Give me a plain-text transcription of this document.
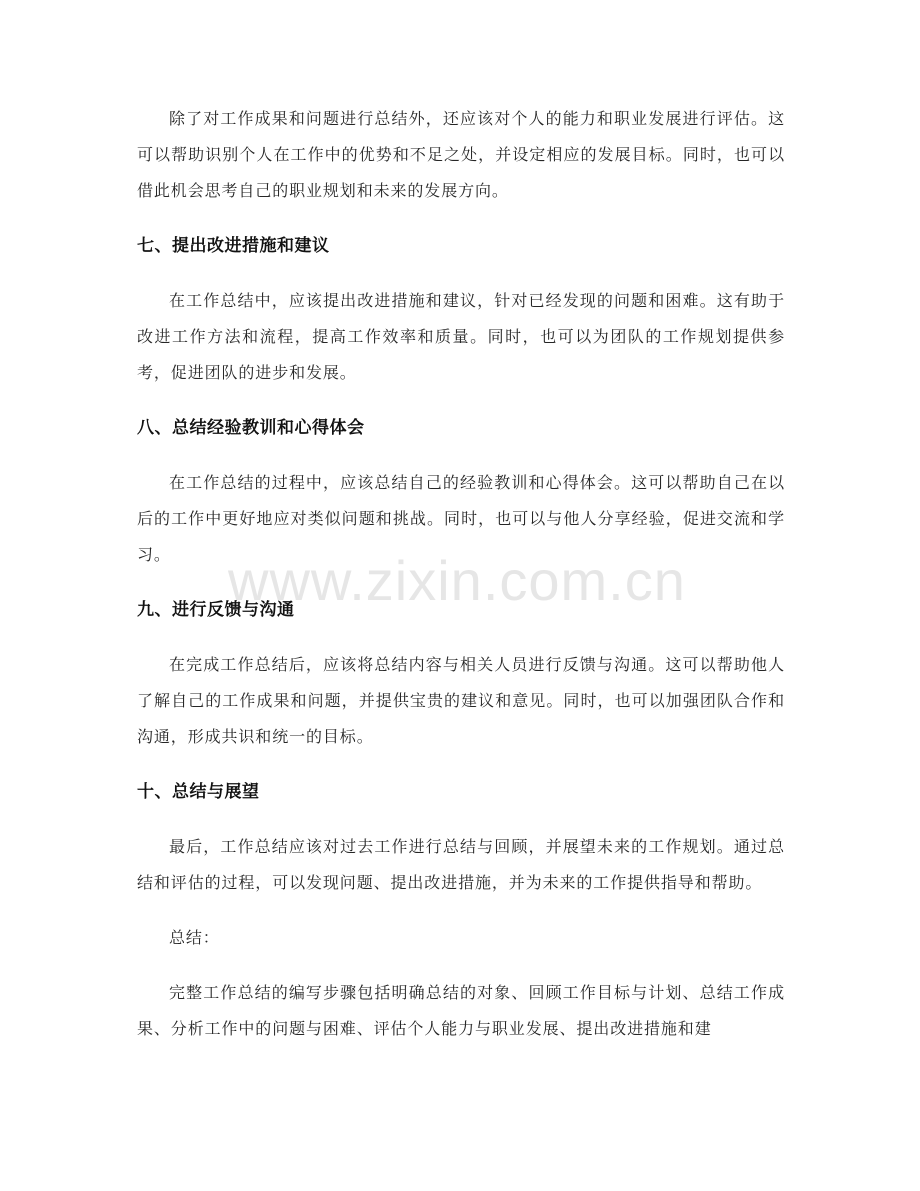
www.zixin.com.cn

除了对工作成果和问题进行总结外，还应该对个人的能力和职业发展进行评估。这可以帮助识别个人在工作中的优势和不足之处，并设定相应的发展目标。同时，也可以借此机会思考自己的职业规划和未来的发展方向。

七、提出改进措施和建议

在工作总结中，应该提出改进措施和建议，针对已经发现的问题和困难。这有助于改进工作方法和流程，提高工作效率和质量。同时，也可以为团队的工作规划提供参考，促进团队的进步和发展。

八、总结经验教训和心得体会

在工作总结的过程中，应该总结自己的经验教训和心得体会。这可以帮助自己在以后的工作中更好地应对类似问题和挑战。同时，也可以与他人分享经验，促进交流和学习。

九、进行反馈与沟通

在完成工作总结后，应该将总结内容与相关人员进行反馈与沟通。这可以帮助他人了解自己的工作成果和问题，并提供宝贵的建议和意见。同时，也可以加强团队合作和沟通，形成共识和统一的目标。

十、总结与展望

最后，工作总结应该对过去工作进行总结与回顾，并展望未来的工作规划。通过总结和评估的过程，可以发现问题、提出改进措施，并为未来的工作提供指导和帮助。

总结：

完整工作总结的编写步骤包括明确总结的对象、回顾工作目标与计划、总结工作成果、分析工作中的问题与困难、评估个人能力与职业发展、提出改进措施和建
